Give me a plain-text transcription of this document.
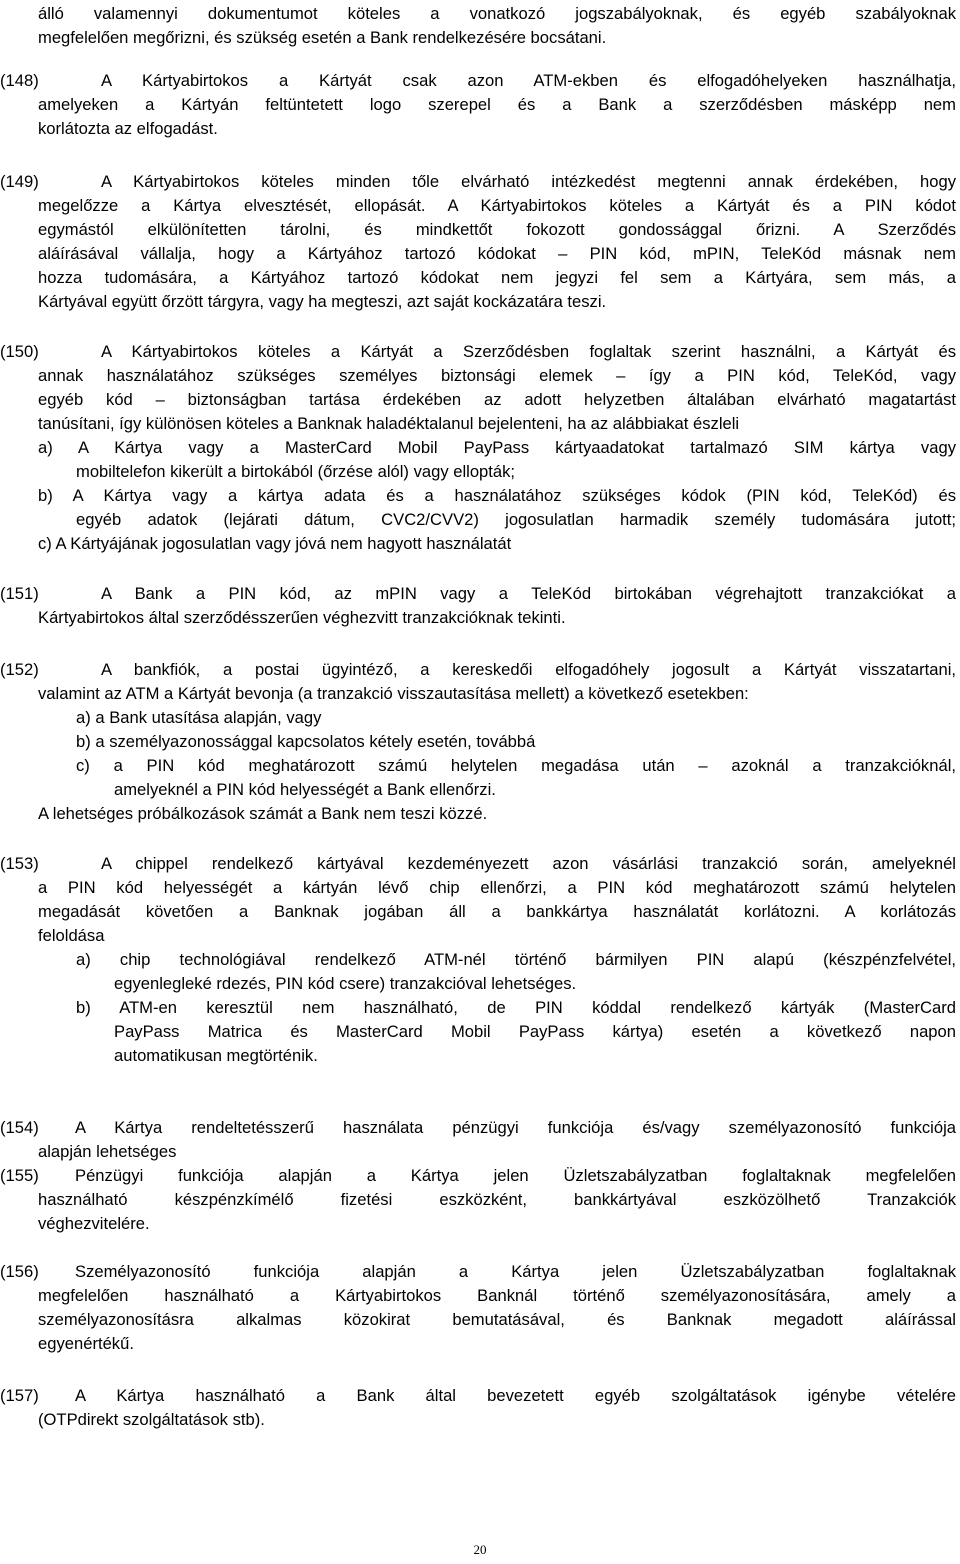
20
álló valamennyi dokumentumot köteles a vonatkozó jogszabályoknak, és egyéb szabályoknak
megfelelően megőrizni, és szükség esetén a Bank rendelkezésére bocsátani.
(148)	A Kártyabirtokos a Kártyát csak azon ATM-ekben és elfogadóhelyeken használhatja,
amelyeken a Kártyán feltüntetett logo szerepel és a Bank a szerződésben másképp nem
korlátozta az elfogadást.
(149)	A Kártyabirtokos köteles minden tőle elvárható intézkedést megtenni annak érdekében, hogy
megelőzze a Kártya elvesztését, ellopását. A Kártyabirtokos köteles a Kártyát és a PIN kódot
egymástól elkülönítetten tárolni, és mindkettőt fokozott gondossággal őrizni. A Szerződés
aláírásával vállalja, hogy a Kártyához tartozó kódokat – PIN kód, mPIN, TeleKód másnak nem
hozza tudomására, a Kártyához tartozó kódokat nem jegyzi fel sem a Kártyára, sem más, a
Kártyával együtt őrzött tárgyra, vagy ha megteszi, azt saját kockázatára teszi.
(150)	A Kártyabirtokos köteles a Kártyát a Szerződésben foglaltak szerint használni, a Kártyát és
annak használatához szükséges személyes biztonsági elemek – így a PIN kód, TeleKód, vagy
egyéb kód – biztonságban tartása érdekében az adott helyzetben általában elvárható magatartást
tanúsítani, így különösen köteles a Banknak haladéktalanul bejelenteni, ha az alábbiakat észleli
a) A Kártya vagy a MasterCard Mobil PayPass kártyaadatokat tartalmazó SIM kártya vagy
mobiltelefon kikerült a birtokából (őrzése alól) vagy ellopták;
b) A Kártya vagy a kártya adata és a használatához szükséges kódok (PIN kód, TeleKód) és
egyéb adatok (lejárati dátum, CVC2/CVV2) jogosulatlan harmadik személy tudomására jutott;
c) A Kártyájának jogosulatlan vagy jóvá nem hagyott használatát
(151)	A Bank a PIN kód, az mPIN vagy a TeleKód birtokában végrehajtott tranzakciókat a
Kártyabirtokos által szerződésszerűen véghezvitt tranzakcióknak tekinti.
(152)	A bankfiók, a postai ügyintéző, a kereskedői elfogadóhely jogosult a Kártyát visszatartani,
valamint az ATM a Kártyát bevonja (a tranzakció visszautasítása mellett) a következő esetekben:
a) a Bank utasítása alapján, vagy
b) a személyazonossággal kapcsolatos kétely esetén, továbbá
c) a PIN kód meghatározott számú helytelen megadása után – azoknál a tranzakcióknál,
amelyeknél a PIN kód helyességét a Bank ellenőrzi.
A lehetséges próbálkozások számát a Bank nem teszi közzé.
(153)	A chippel rendelkező kártyával kezdeményezett azon vásárlási tranzakció során, amelyeknél
a PIN kód helyességét a kártyán lévő chip ellenőrzi, a PIN kód meghatározott számú helytelen
megadását követően a Banknak jogában áll a bankkártya használatát korlátozni. A korlátozás
feloldása
a) chip technológiával rendelkező ATM-nél történő bármilyen PIN alapú (készpénzfelvétel,
egyenlegleké rdezés, PIN kód csere) tranzakcióval lehetséges.
b) ATM-en keresztül nem használható, de PIN kóddal rendelkező kártyák (MasterCard
PayPass Matrica és MasterCard Mobil PayPass kártya) esetén a következő napon
automatikusan megtörténik.
(154) A Kártya rendeltetésszerű használata pénzügyi funkciója és/vagy személyazonosító funkciója
alapján lehetséges
(155) Pénzügyi funkciója alapján a Kártya jelen Üzletszabályzatban foglaltaknak megfelelően
használható készpénzkímélő fizetési eszközként, bankkártyával eszközölhető Tranzakciók
véghezvitelére.
(156) Személyazonosító funkciója alapján a Kártya jelen Üzletszabályzatban foglaltaknak
megfelelően használható a Kártyabirtokos Banknál történő személyazonosítására, amely a
személyazonosításra alkalmas közokirat bemutatásával, és Banknak megadott aláírással
egyenértékű.
(157) A Kártya használható a Bank által bevezetett egyéb szolgáltatások igénybe vételére
(OTPdirekt szolgáltatások stb).
